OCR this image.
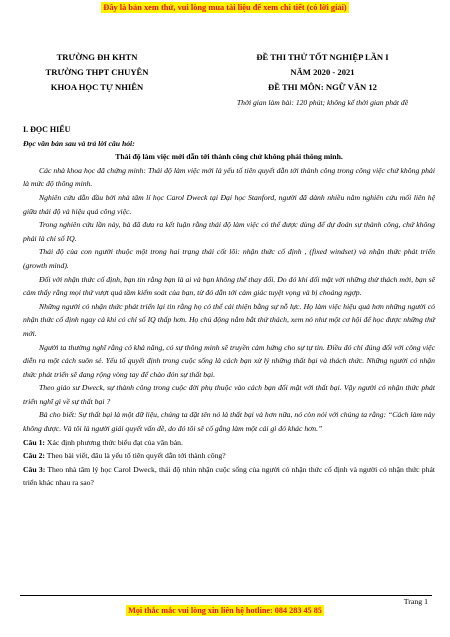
Đây là bản xem thử, vui lòng mua tài liệu để xem chi tiết (có lời giải)
TRƯỜNG ĐH KHTN
TRƯỜNG THPT CHUYÊN
KHOA HỌC TỰ NHIÊN
ĐỀ THI THỬ TỐT NGHIỆP LẦN I
NĂM 2020 - 2021
ĐỀ THI MÔN: NGỮ VĂN 12
Thời gian làm bài: 120 phút; không kể thời gian phát đề
I. ĐỌC HIỂU
Đọc văn bản sau và trả lời câu hỏi:
Thái độ làm việc mới dẫn tới thành công chứ không phải thông minh.

Các nhà khoa học đã chứng minh: Thái độ làm việc mới là yếu tố tiên quyết dẫn tới thành công trong công việc chứ không phải là mức độ thông minh.

Nghiên cứu dẫn đầu bởi nhà tâm lí học Carol Dweck tại Đại học Stanford, người đã dành nhiều năm nghiên cứu mối liên hệ giữa thái độ và hiệu quả công việc.

Trong nghiên cứu lần này, bà đã đưa ra kết luận rằng thái độ làm việc có thể được dùng để dự đoán sự thành công, chứ không phải là chỉ số IQ.

Thái độ của con người thuộc một trong hai trạng thái cốt lõi: nhận thức cố định , (fixed windset) và nhận thức phát triển (growth mind).

Đối với nhận thức cố định, bạn tin rằng bạn là ai và bạn không thể thay đổi. Do đó khi đối mặt với những thử thách mới, bạn sẽ cảm thấy rằng mọi thứ vượt quá tầm kiểm soát của bạn, từ đó dẫn tới cảm giác tuyệt vọng và bị choáng ngợp.

Những người có nhận thức phát triển lại tin rằng họ có thể cải thiện bằng sự nỗ lực. Họ làm việc hiệu quả hơn những người có nhận thức cố định ngay cả khi có chỉ số IQ thấp hơn. Họ chủ động nắm bắt thử thách, xem nó như một cơ hội để học được những thứ mới.

Người ta thường nghĩ rằng có khả năng, có sự thông minh sẽ truyền cảm hứng cho sự tự tin. Điều đó chỉ đúng đối với công việc diễn ra một cách suôn sẻ. Yếu tố quyết định trong cuộc sống là cách bạn xử lý những thất bại và thách thức. Những người có nhận thức phát triển sẽ đang rộng vòng tay để chào đón sự thất bại.

Theo giáo sư Dweck, sự thành công trong cuộc đời phụ thuộc vào cách bạn đối mặt với thất bại. Vậy người có nhận thức phát triển nghĩ gì về sự thất bại ?

Bà cho biết: Sự thất bại là một dữ liệu, chúng ta đặt tên nó là thất bại và hơn nữa, nó còn nói với chúng ta rằng: “Cách làm này không được. Và tôi là người giải quyết vấn đề, do đó tôi sẽ cố gắng làm một cái gì đó khác hơn.”

Câu 1: Xác định phương thức biểu đạt của văn bản.

Câu 2: Theo bài viết, đâu là yếu tố tiên quyết dẫn tới thành công?

Câu 3: Theo nhà tâm lý học Carol Dweck, thái độ nhìn nhận cuộc sống của người có nhận thức cố định và người có nhận thức phát triển khác nhau ra sao?

Trang 1
Mọi thắc mắc vui lòng xin liên hệ hotline: 084 283 45 85
